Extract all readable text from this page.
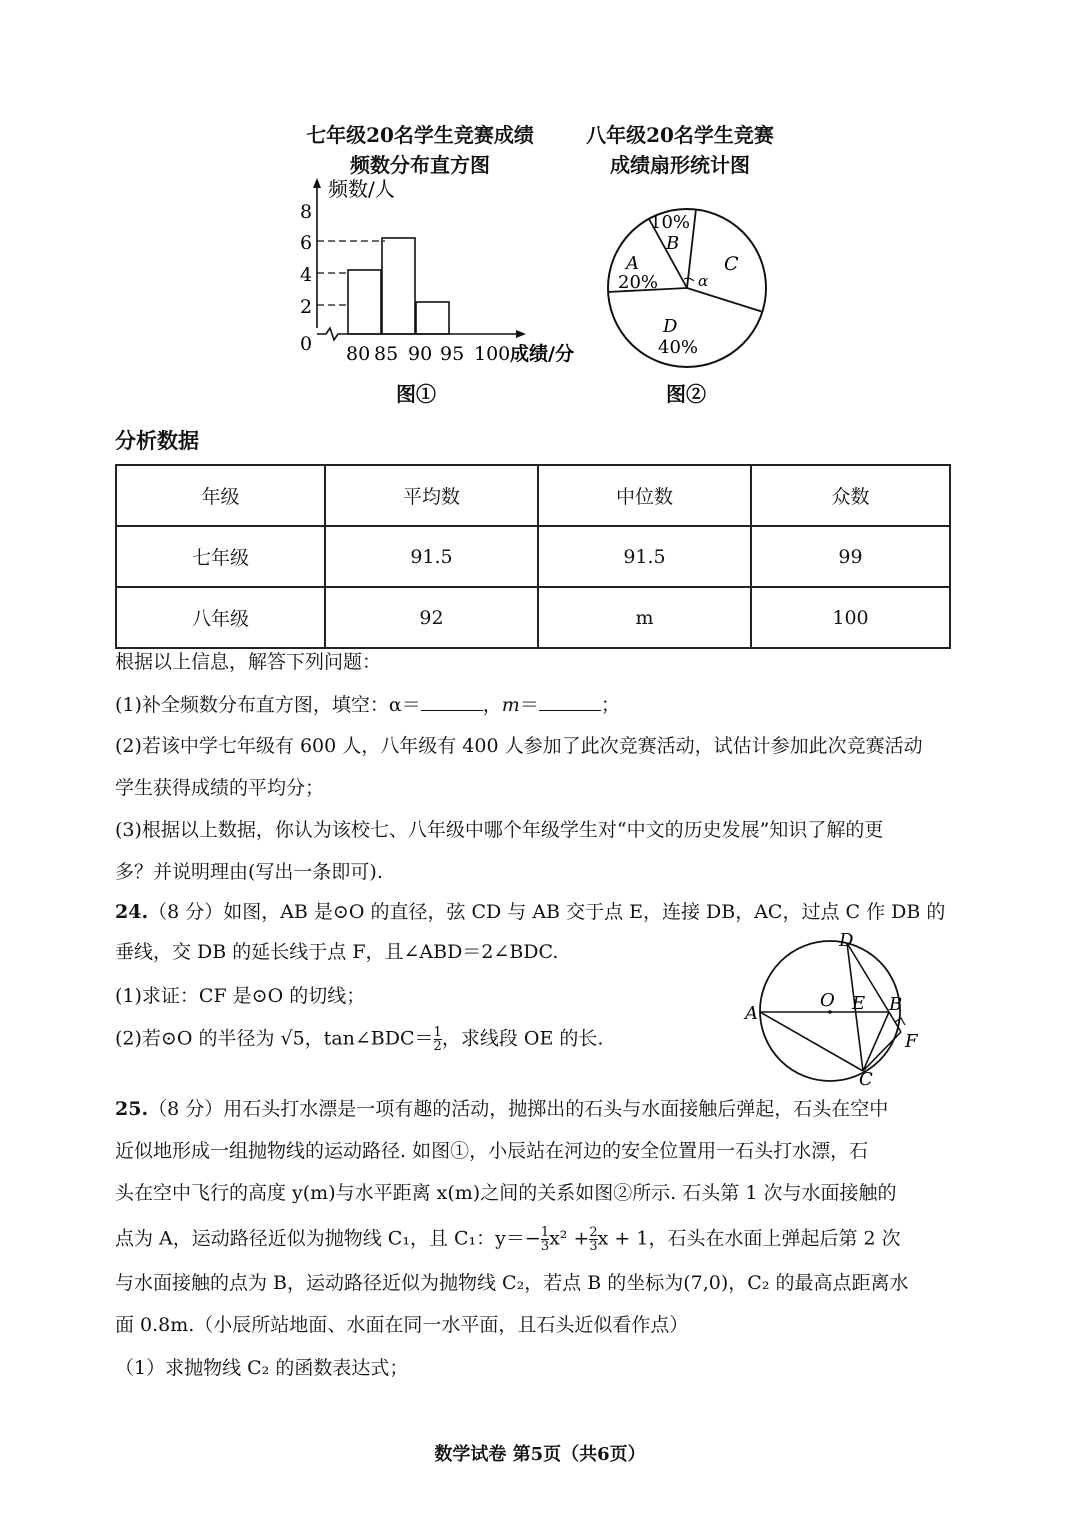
七年级20名学生竞赛成绩
频数分布直方图
8
6
4
2
0
频数/人
80 85 90 95 100 成绩/分
图①
八年级20名学生竞赛
成绩扇形统计图
10%
B
A
20%
C
α
D
40%
图②
分析数据
年级	平均数	中位数	众数
七年级	91.5	91.5	99
八年级	92	m	100
根据以上信息，解答下列问题：
(1)补全频数分布直方图，填空：α＝	，m＝	；
(2)若该中学七年级有 600 人，八年级有 400 人参加了此次竞赛活动，试估计参加此次竞赛活动
学生获得成绩的平均分；
(3)根据以上数据，你认为该校七、八年级中哪个年级学生对“中文的历史发展”知识了解的更
多？并说明理由(写出一条即可).
24.（8 分）如图，AB 是⊙O 的直径，弦 CD 与 AB 交于点 E，连接 DB，AC，过点 C 作 DB 的
垂线，交 DB 的延长线于点 F，且∠ABD＝2∠BDC.
(1)求证：CF 是⊙O 的切线；
(2)若⊙O 的半径为 √5，tan∠BDC＝ $\frac{1}{2}$ ，求线段 OE 的长.
D
O E B
A
F
C
25.（8 分）用石头打水漂是一项有趣的活动，抛掷出的石头与水面接触后弹起，石头在空中
近似地形成一组抛物线的运动路径. 如图①，小辰站在河边的安全位置用一石头打水漂，石
头在空中飞行的高度 y(m)与水平距离 x(m)之间的关系如图②所示. 石头第 1 次与水面接触的
点为 A，运动路径近似为抛物线 C₁，且 C₁：$y=- \frac{1}{3} x^2 + \frac{2}{3}$ x + 1，石头在水面上弹起后第 2 次
与水面接触的点为 B，运动路径近似为抛物线 C₂，若点 B 的坐标为(7,0)，C₂ 的最高点距离水
面 0.8m.（小辰所站地面、水面在同一水平面，且石头近似看作点）
（1）求抛物线 C₂ 的函数表达式；
数学试卷 第5页（共6页）
